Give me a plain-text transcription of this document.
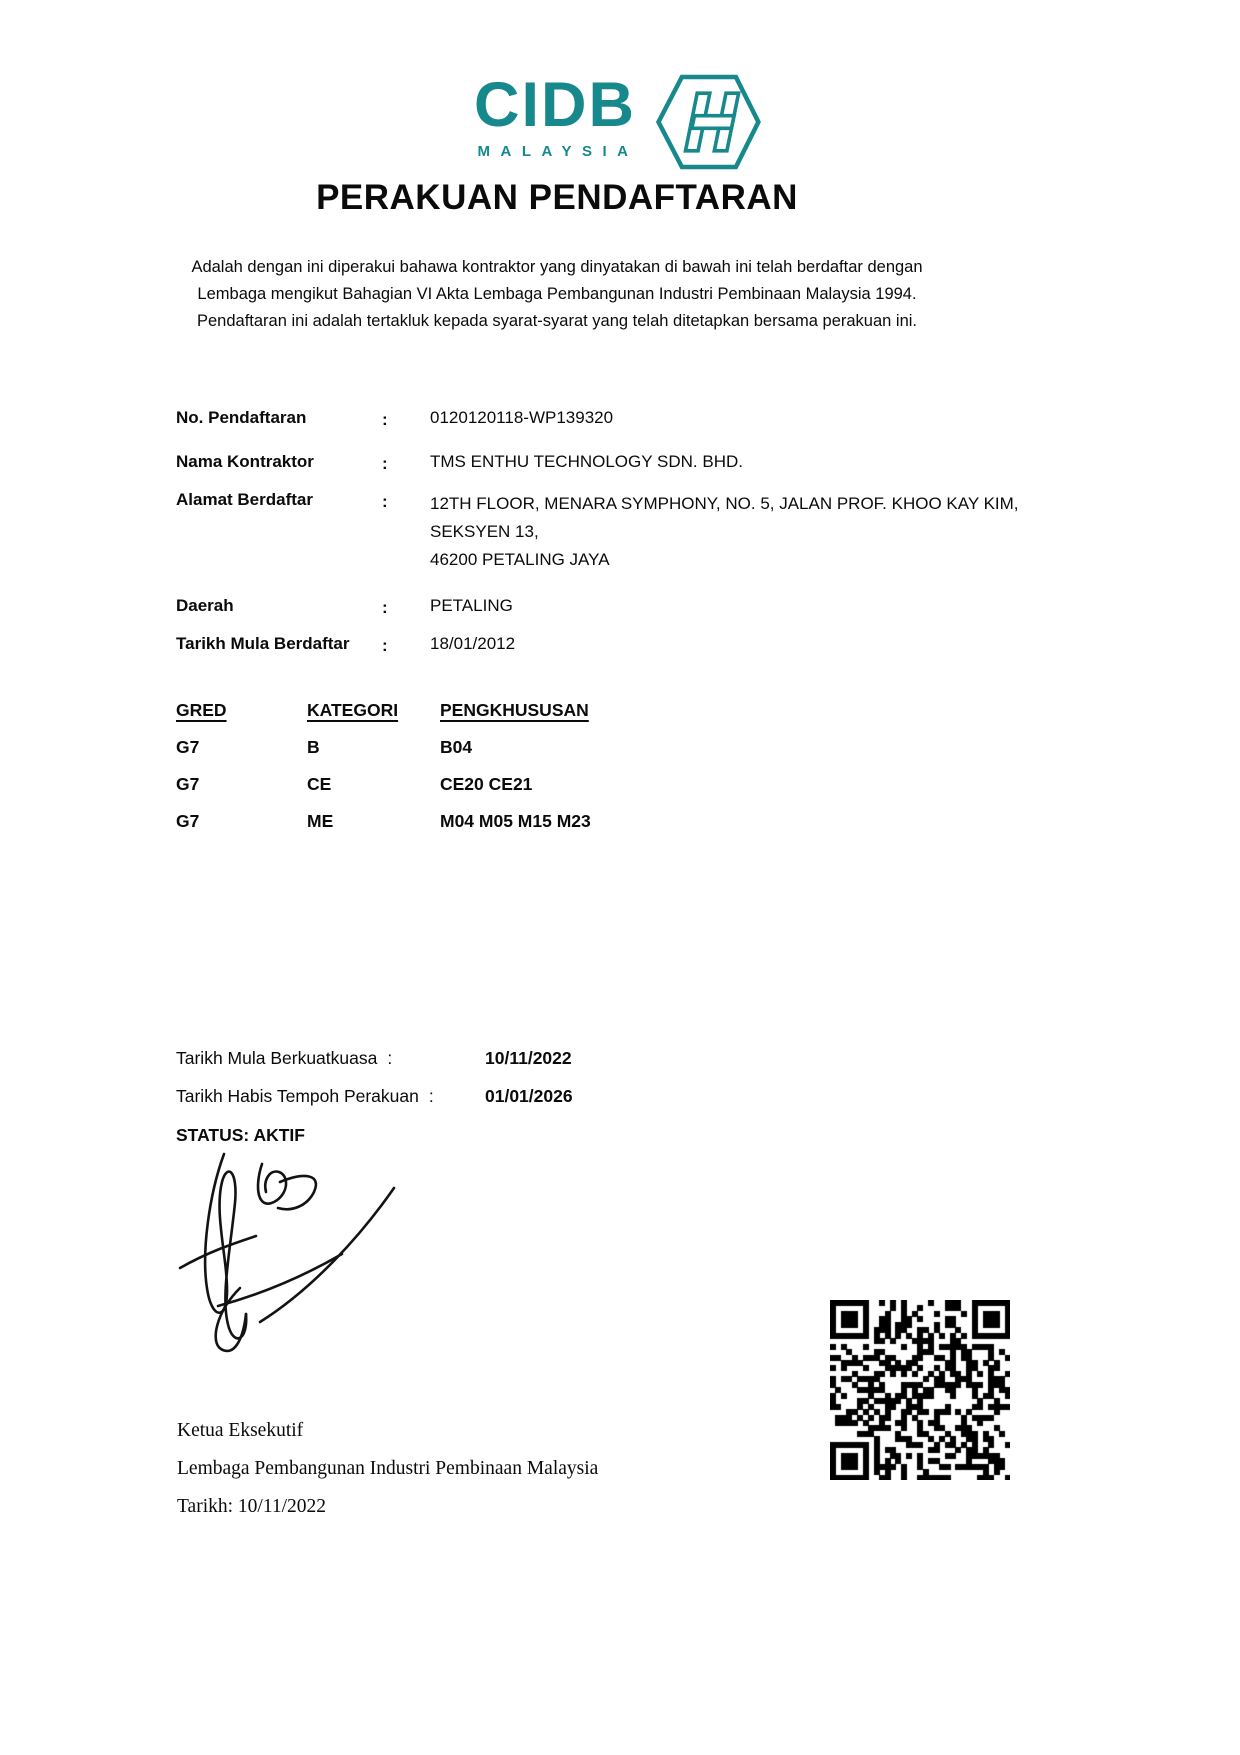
CIDB
MALAYSIA
PERAKUAN PENDAFTARAN
Adalah dengan ini diperakui bahawa kontraktor yang dinyatakan di bawah ini telah berdaftar dengan
Lembaga mengikut Bahagian VI Akta Lembaga Pembangunan Industri Pembinaan Malaysia 1994.
Pendaftaran ini adalah tertakluk kepada syarat-syarat yang telah ditetapkan bersama perakuan ini.
No. Pendaftaran	: 0120120118-WP139320
Nama Kontraktor	: TMS ENTHU TECHNOLOGY SDN. BHD.
Alamat Berdaftar	: 12TH FLOOR, MENARA SYMPHONY, NO. 5, JALAN PROF. KHOO KAY KIM,
SEKSYEN 13,
46200 PETALING JAYA
Daerah	: PETALING
Tarikh Mula Berdaftar : 18/01/2012
GRED	KATEGORI PENGKHUSUSAN
G7	B	B04
G7	CE	CE20 CE21
G7	ME	M04 M05 M15 M23
Tarikh Mula Berkuatkuasa :	10/11/2022
Tarikh Habis Tempoh Perakuan :	01/01/2026
STATUS: AKTIF
Ketua Eksekutif
Lembaga Pembangunan Industri Pembinaan Malaysia
Tarikh: 10/11/2022
